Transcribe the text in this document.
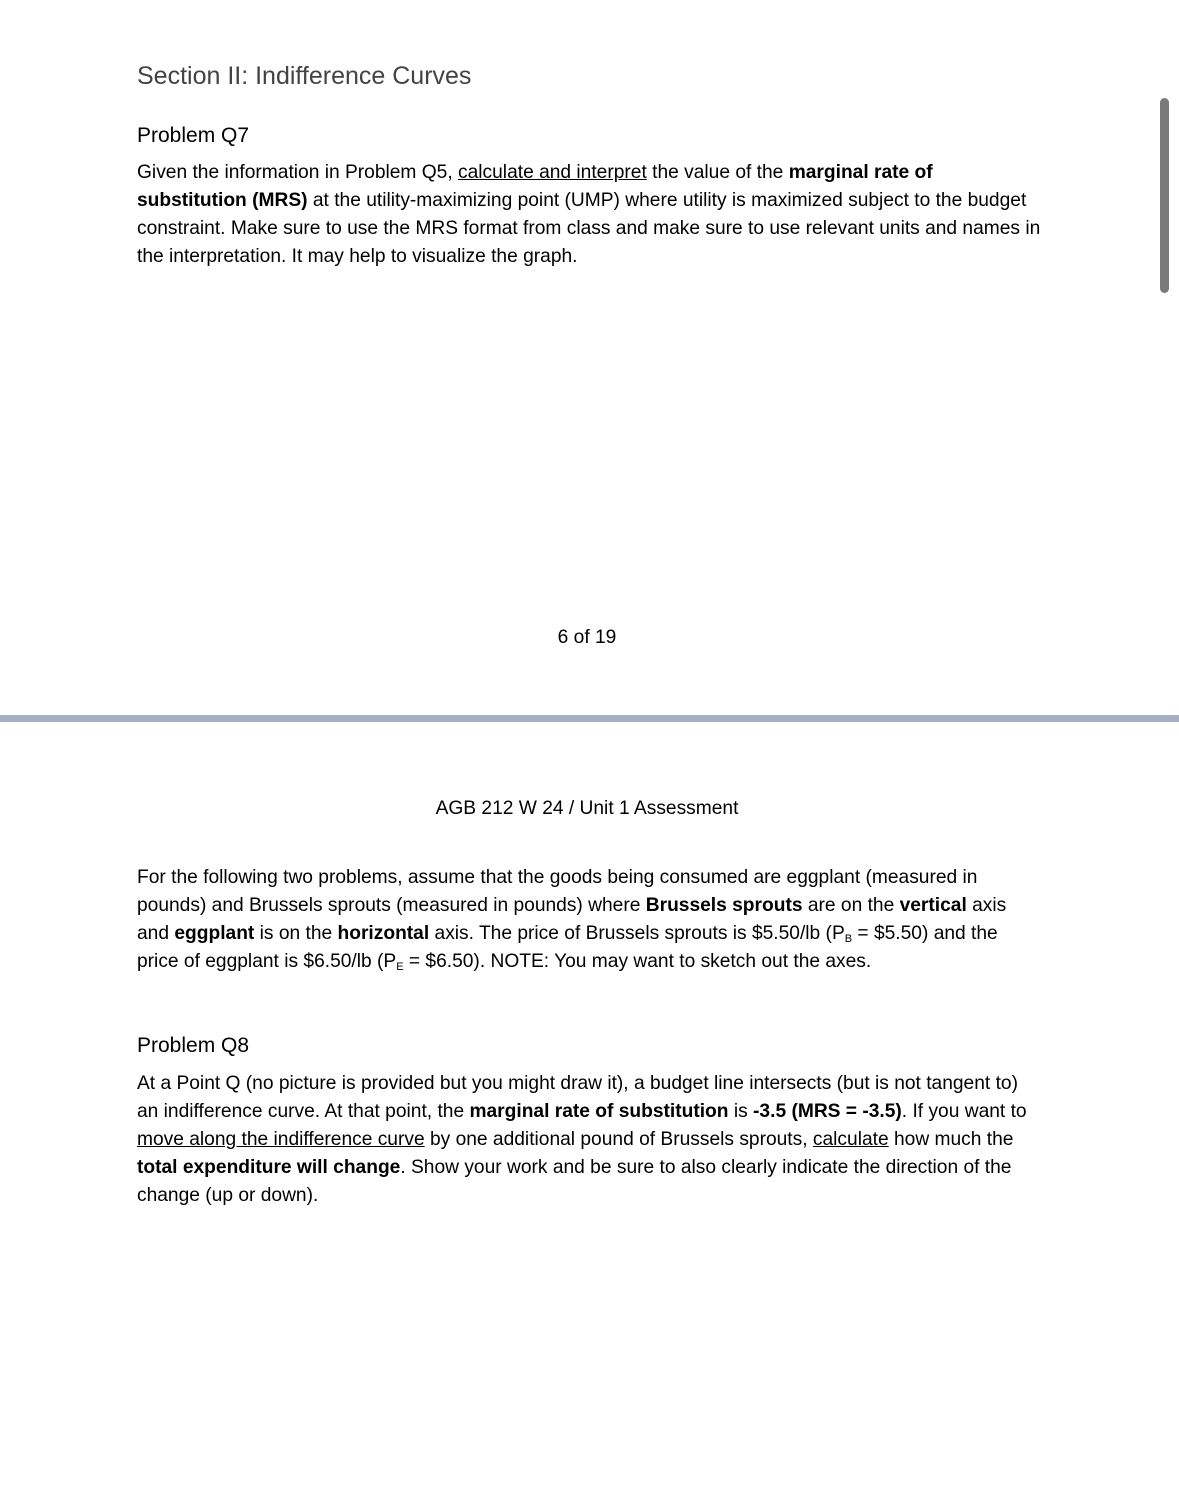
Section II: Indifference Curves
Problem Q7

Given the information in Problem Q5, calculate and interpret the value of the marginal rate of substitution (MRS) at the utility-maximizing point (UMP) where utility is maximized subject to the budget constraint. Make sure to use the MRS format from class and make sure to use relevant units and names in the interpretation. It may help to visualize the graph.

6 of 19

AGB 212 W 24 / Unit 1 Assessment

For the following two problems, assume that the goods being consumed are eggplant (measured in pounds) and Brussels sprouts (measured in pounds) where Brussels sprouts are on the vertical axis and eggplant is on the horizontal axis. The price of Brussels sprouts is $5.50/lb ($P_B$ = $5.50) and the price of eggplant is $6.50/lb ($P_E$ = $6.50). NOTE: You may want to sketch out the axes.

Problem Q8

At a Point Q (no picture is provided but you might draw it), a budget line intersects (but is not tangent to) an indifference curve. At that point, the marginal rate of substitution is -3.5 (MRS = -3.5). If you want to move along the indifference curve by one additional pound of Brussels sprouts, calculate how much the total expenditure will change. Show your work and be sure to also clearly indicate the direction of the change (up or down).
